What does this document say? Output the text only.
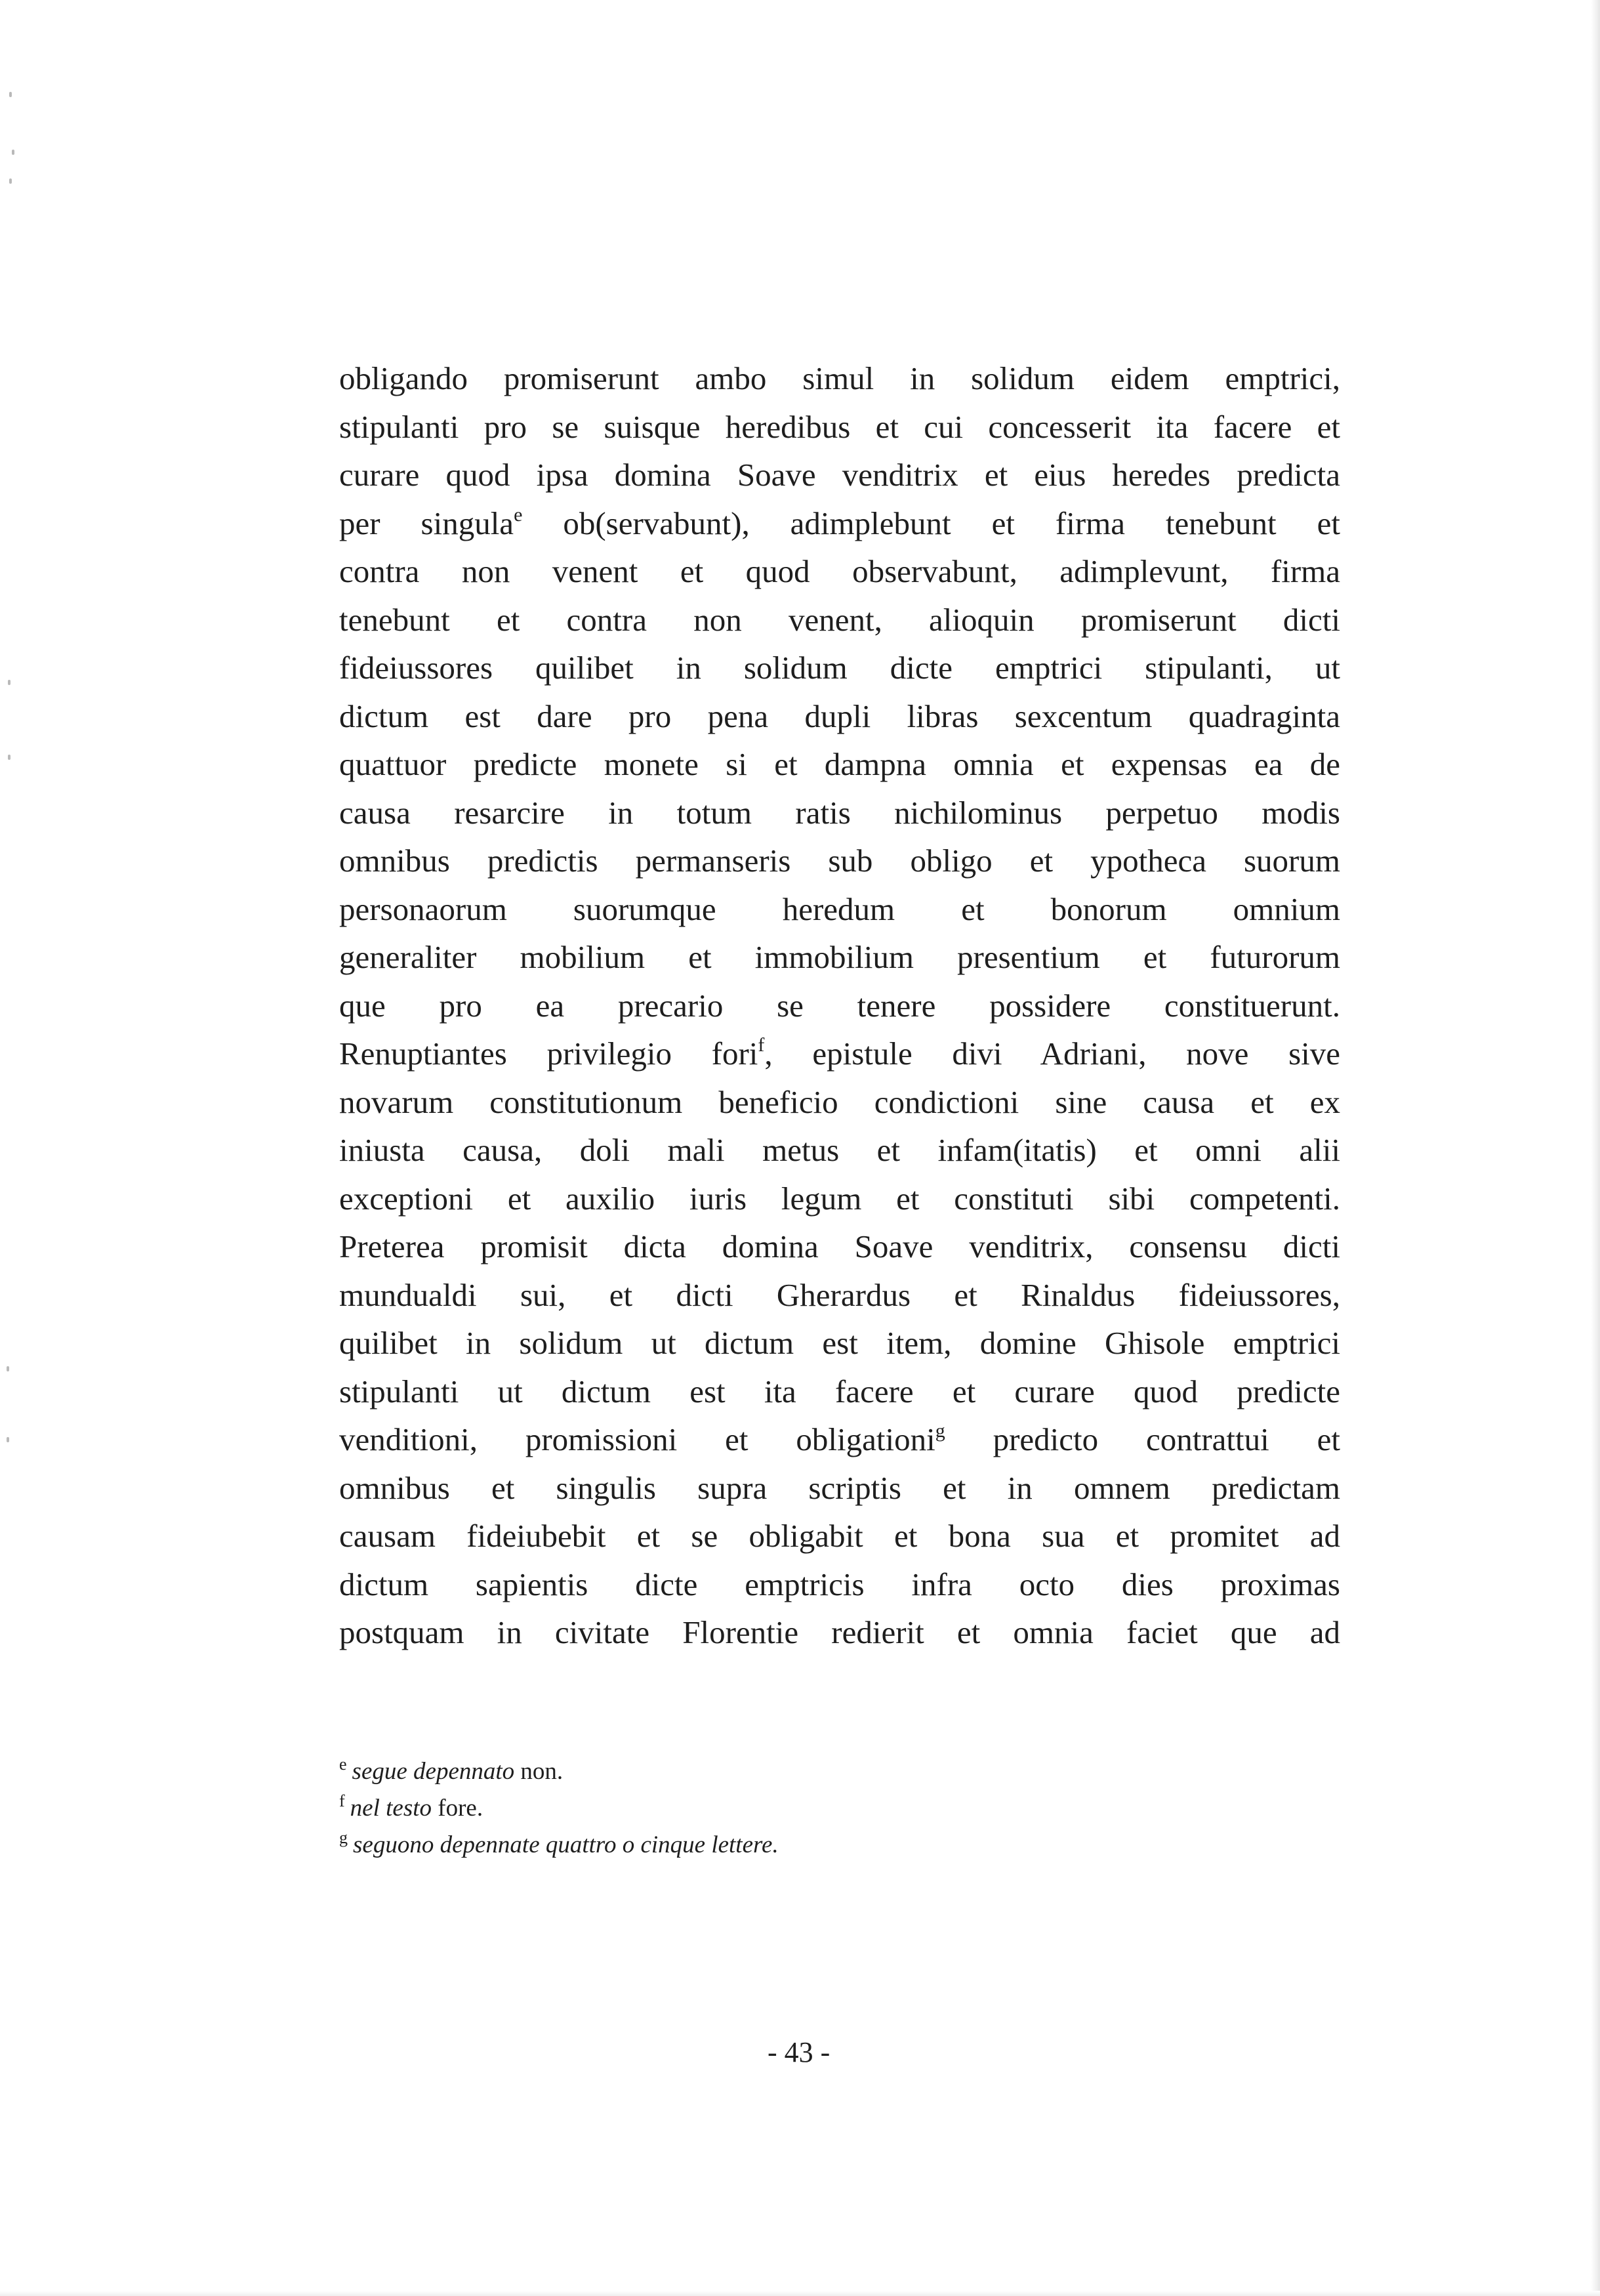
obligando promiserunt ambo simul in solidum eidem emptrici,
stipulanti pro se suisque heredibus et cui concesserit ita facere et
curare quod ipsa domina Soave venditrix et eius heredes predicta
per singula$^e$ ob(servabunt), adimplebunt et firma tenebunt et
contra non venent et quod observabunt, adimplevunt, firma
tenebunt et contra non venent, alioquin promiserunt dicti
fideiussores quilibet in solidum dicte emptrici stipulanti, ut
dictum est dare pro pena dupli libras sexcentum quadraginta
quattuor predicte monete si et dampna omnia et expensas ea de
causa resarcire in totum ratis nichilominus perpetuo modis
omnibus predictis permanseris sub obligo et ypotheca suorum
personaorum suorumque heredum et bonorum omnium
generaliter mobilium et immobilium presentium et futurorum
que pro ea precario se tenere possidere constituerunt.
Renuptiantes privilegio fori$^f$, epistule divi Adriani, nove sive
novarum constitutionum beneficio condictioni sine causa et ex
iniusta causa, doli mali metus et infam(itatis) et omni alii
exceptioni et auxilio iuris legum et constituti sibi competenti.
Preterea promisit dicta domina Soave venditrix, consensu dicti
mundualdi sui, et dicti Gherardus et Rinaldus fideiussores,
quilibet in solidum ut dictum est item, domine Ghisole emptrici
stipulanti ut dictum est ita facere et curare quod predicte
venditioni, promissioni et obligationi$^g$ predicto contrattui et
omnibus et singulis supra scriptis et in omnem predictam
causam fideiubebit et se obligabit et bona sua et promitet ad
dictum sapientis dicte emptricis infra octo dies proximas
postquam in civitate Florentie redierit et omnia faciet que ad
$^e$ segue depennato non.
$^f$ nel testo fore.
$^g$ seguono depennate quattro o cinque lettere.
- 43 -
